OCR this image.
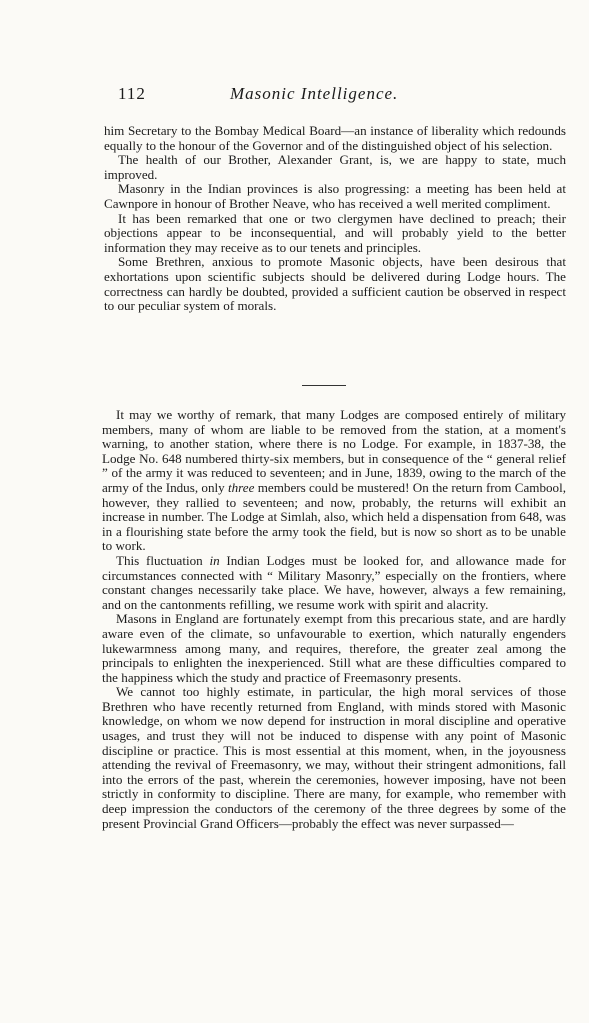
112	Masonic Intelligence.

him Secretary to the Bombay Medical Board—an instance of liberality which redounds equally to the honour of the Governor and of the distinguished object of his selection.

The health of our Brother, Alexander Grant, is, we are happy to state, much improved.

Masonry in the Indian provinces is also progressing: a meeting has been held at Cawnpore in honour of Brother Neave, who has received a well merited compliment.

It has been remarked that one or two clergymen have declined to preach; their objections appear to be inconsequential, and will probably yield to the better information they may receive as to our tenets and principles.

Some Brethren, anxious to promote Masonic objects, have been desirous that exhortations upon scientific subjects should be delivered during Lodge hours. The correctness can hardly be doubted, provided a sufficient caution be observed in respect to our peculiar system of morals.

It may we worthy of remark, that many Lodges are composed entirely of military members, many of whom are liable to be removed from the station, at a moment's warning, to another station, where there is no Lodge. For example, in 1837-38, the Lodge No. 648 numbered thirty-six members, but in consequence of the “ general relief ” of the army it was reduced to seventeen; and in June, 1839, owing to the march of the army of the Indus, only three members could be mustered! On the return from Cambool, however, they rallied to seventeen; and now, probably, the returns will exhibit an increase in number. The Lodge at Simlah, also, which held a dispensation from 648, was in a flourishing state before the army took the field, but is now so short as to be unable to work.

This fluctuation in Indian Lodges must be looked for, and allowance made for circumstances connected with “ Military Masonry,” especially on the frontiers, where constant changes necessarily take place. We have, however, always a few remaining, and on the cantonments refilling, we resume work with spirit and alacrity.

Masons in England are fortunately exempt from this precarious state, and are hardly aware even of the climate, so unfavourable to exertion, which naturally engenders lukewarmness among many, and requires, therefore, the greater zeal among the principals to enlighten the inexperienced. Still what are these difficulties compared to the happiness which the study and practice of Freemasonry presents.

We cannot too highly estimate, in particular, the high moral services of those Brethren who have recently returned from England, with minds stored with Masonic knowledge, on whom we now depend for instruction in moral discipline and operative usages, and trust they will not be induced to dispense with any point of Masonic discipline or practice. This is most essential at this moment, when, in the joyousness attending the revival of Freemasonry, we may, without their stringent admonitions, fall into the errors of the past, wherein the ceremonies, however imposing, have not been strictly in conformity to discipline. There are many, for example, who remember with deep impression the conductors of the ceremony of the three degrees by some of the present Provincial Grand Officers—probably the effect was never surpassed—
